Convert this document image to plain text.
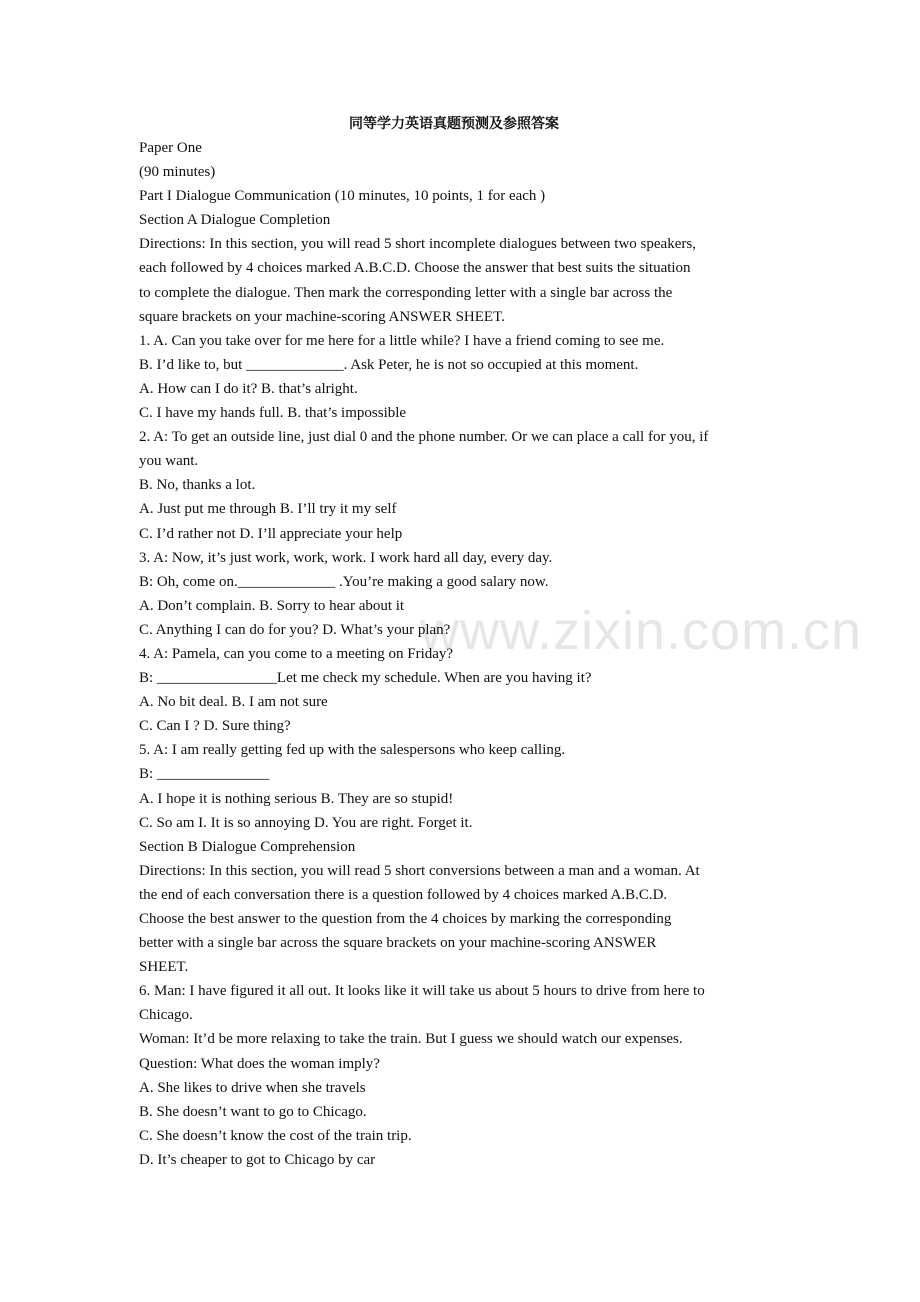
www.zixin.com.cn
同等学力英语真题预测及参照答案
Paper One
(90 minutes)
Part I Dialogue Communication (10 minutes, 10 points, 1 for each )
Section A Dialogue Completion
Directions: In this section, you will read 5 short incomplete dialogues between two speakers,
each followed by 4 choices marked A.B.C.D. Choose the answer that best suits the situation
to complete the dialogue. Then mark the corresponding letter with a single bar across the
square brackets on your machine-scoring ANSWER SHEET.
1. A. Can you take over for me here for a little while? I have a friend coming to see me.
B. I’d like to, but _____________. Ask Peter, he is not so occupied at this moment.
A. How can I do it? B. that’s alright.
C. I have my hands full. B. that’s impossible
2. A: To get an outside line, just dial 0 and the phone number. Or we can place a call for you, if
you want.
B. No, thanks a lot.
A. Just put me through B. I’ll try it my self
C. I’d rather not D. I’ll appreciate your help
3. A: Now, it’s just work, work, work. I work hard all day, every day.
B: Oh, come on._____________ .You’re making a good salary now.
A. Don’t complain. B. Sorry to hear about it
C. Anything I can do for you? D. What’s your plan?
4. A: Pamela, can you come to a meeting on Friday?
B: ________________Let me check my schedule. When are you having it?
A. No bit deal. B. I am not sure
C. Can I ? D. Sure thing?
5. A: I am really getting fed up with the salespersons who keep calling.
B: _______________
A. I hope it is nothing serious B. They are so stupid!
C. So am I. It is so annoying D. You are right. Forget it.
Section B Dialogue Comprehension
Directions: In this section, you will read 5 short conversions between a man and a woman. At
the end of each conversation there is a question followed by 4 choices marked A.B.C.D.
Choose the best answer to the question from the 4 choices by marking the corresponding
better with a single bar across the square brackets on your machine-scoring ANSWER
SHEET.
6. Man: I have figured it all out. It looks like it will take us about 5 hours to drive from here to
Chicago.
Woman: It’d be more relaxing to take the train. But I guess we should watch our expenses.
Question: What does the woman imply?
A. She likes to drive when she travels
B. She doesn’t want to go to Chicago.
C. She doesn’t know the cost of the train trip.
D. It’s cheaper to got to Chicago by car
